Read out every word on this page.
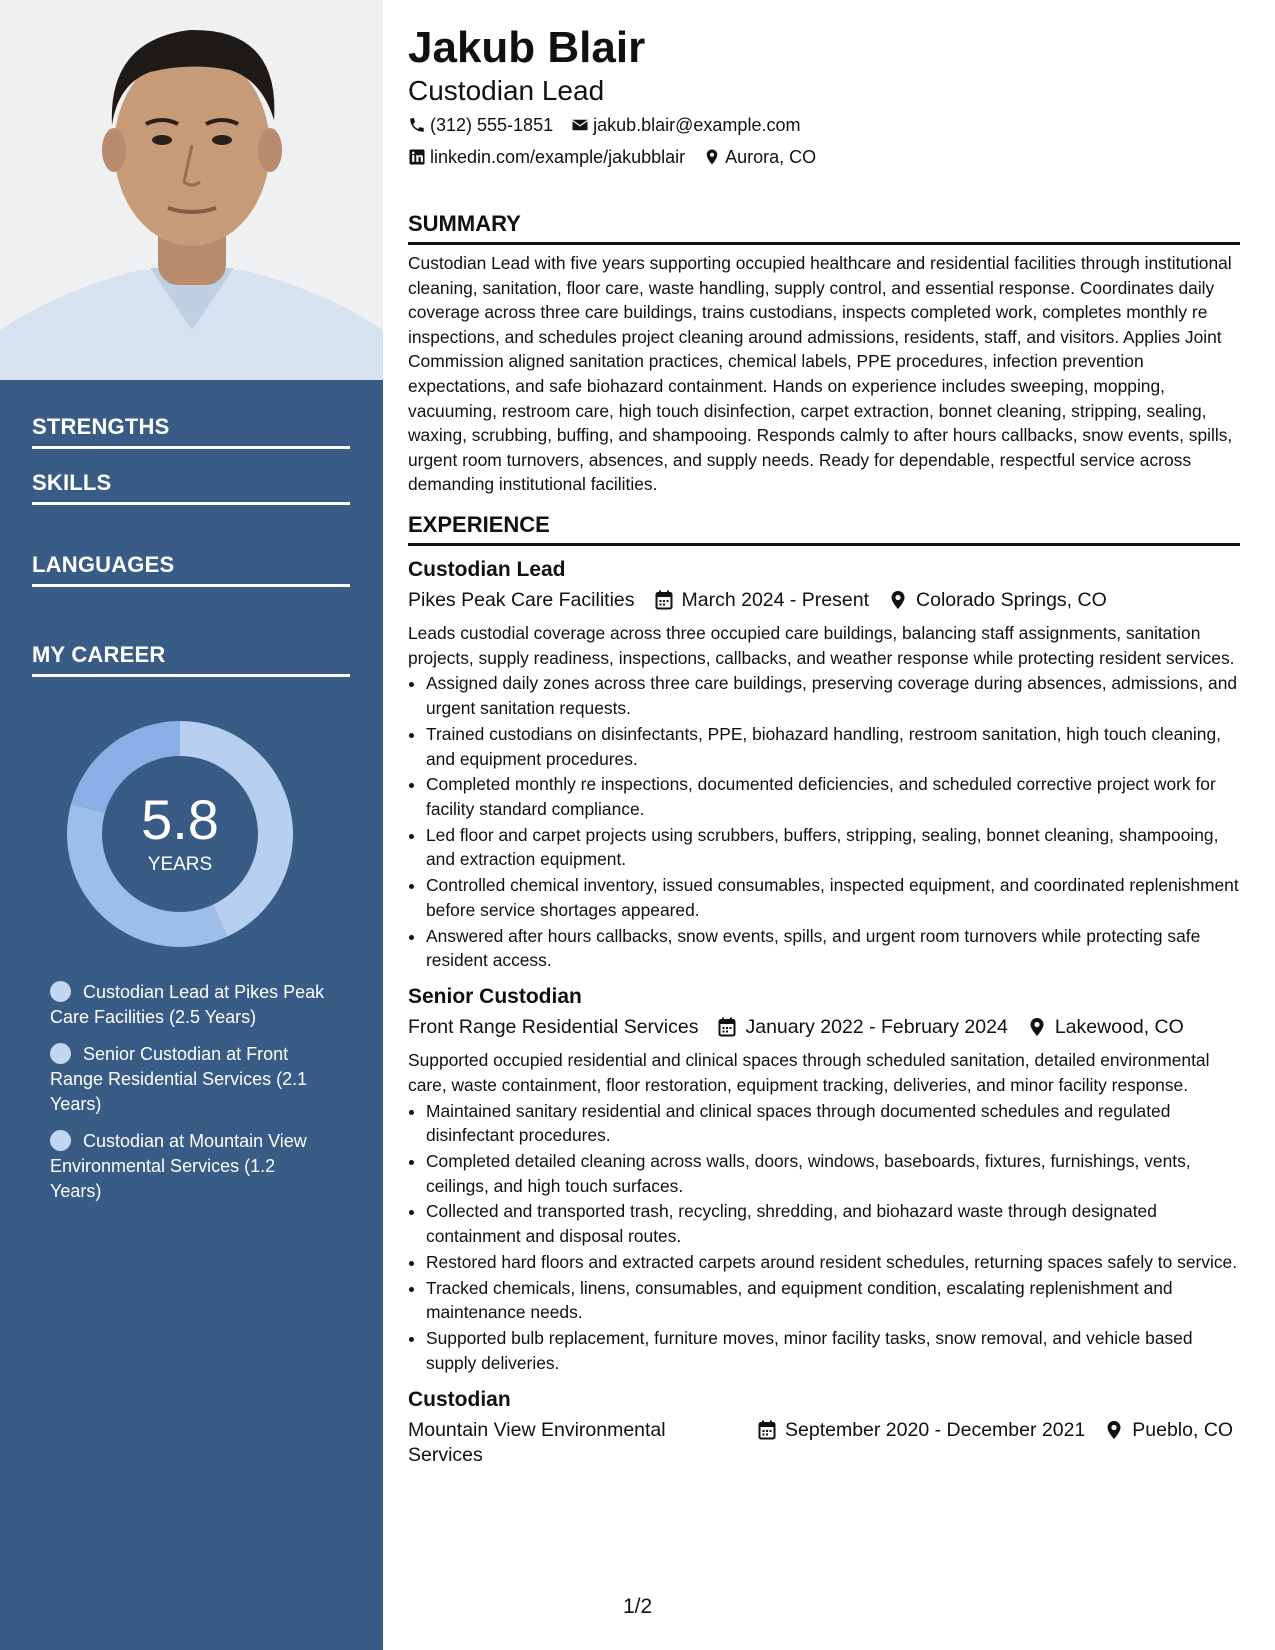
STRENGTHS
SKILLS
LANGUAGES
MY CAREER
5.8
YEARS
Custodian Lead at Pikes Peak Care Facilities (2.5 Years)
Senior Custodian at Front Range Residential Services (2.1 Years)
Custodian at Mountain View Environmental Services (1.2 Years)
Jakub Blair
Custodian Lead
(312) 555-1851 jakub.blair@example.com
linkedin.com/example/jakubblair Aurora, CO
SUMMARY
Custodian Lead with five years supporting occupied healthcare and residential facilities through institutional cleaning, sanitation, floor care, waste handling, supply control, and essential response. Coordinates daily coverage across three care buildings, trains custodians, inspects completed work, completes monthly re inspections, and schedules project cleaning around admissions, residents, staff, and visitors. Applies Joint Commission aligned sanitation practices, chemical labels, PPE procedures, infection prevention expectations, and safe biohazard containment. Hands on experience includes sweeping, mopping, vacuuming, restroom care, high touch disinfection, carpet extraction, bonnet cleaning, stripping, sealing, waxing, scrubbing, buffing, and shampooing. Responds calmly to after hours callbacks, snow events, spills, urgent room turnovers, absences, and supply needs. Ready for dependable, respectful service across demanding institutional facilities.
EXPERIENCE
Custodian Lead
Pikes Peak Care Facilities March 2024 - Present Colorado Springs, CO
Leads custodial coverage across three occupied care buildings, balancing staff assignments, sanitation projects, supply readiness, inspections, callbacks, and weather response while protecting resident services.
• Assigned daily zones across three care buildings, preserving coverage during absences, admissions, and urgent sanitation requests.
• Trained custodians on disinfectants, PPE, biohazard handling, restroom sanitation, high touch cleaning, and equipment procedures.
• Completed monthly re inspections, documented deficiencies, and scheduled corrective project work for facility standard compliance.
• Led floor and carpet projects using scrubbers, buffers, stripping, sealing, bonnet cleaning, shampooing, and extraction equipment.
• Controlled chemical inventory, issued consumables, inspected equipment, and coordinated replenishment before service shortages appeared.
• Answered after hours callbacks, snow events, spills, and urgent room turnovers while protecting safe resident access.
Senior Custodian
Front Range Residential Services January 2022 - February 2024 Lakewood, CO
Supported occupied residential and clinical spaces through scheduled sanitation, detailed environmental care, waste containment, floor restoration, equipment tracking, deliveries, and minor facility response.
• Maintained sanitary residential and clinical spaces through documented schedules and regulated disinfectant procedures.
• Completed detailed cleaning across walls, doors, windows, baseboards, fixtures, furnishings, vents, ceilings, and high touch surfaces.
• Collected and transported trash, recycling, shredding, and biohazard waste through designated containment and disposal routes.
• Restored hard floors and extracted carpets around resident schedules, returning spaces safely to service.
• Tracked chemicals, linens, consumables, and equipment condition, escalating replenishment and maintenance needs.
• Supported bulb replacement, furniture moves, minor facility tasks, snow removal, and vehicle based supply deliveries.
Custodian
Mountain View Environmental Services
September 2020 - December 2021 Pueblo, CO
1/2
